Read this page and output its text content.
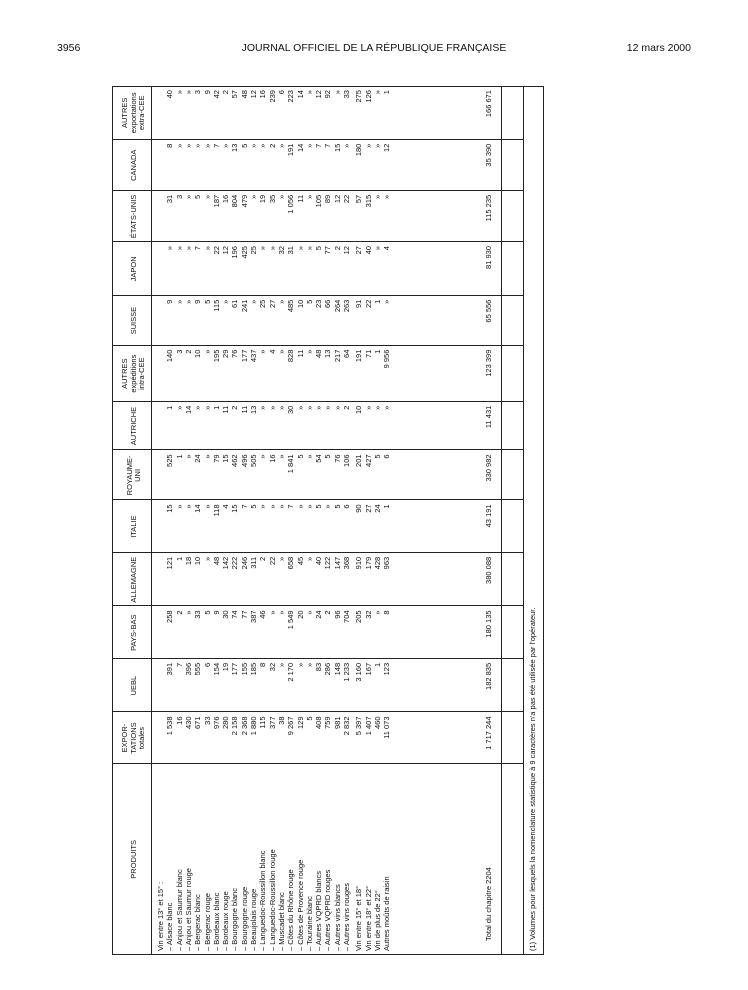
3956	JOURNAL OFFICIEL DE LA RÉPUBLIQUE FRANÇAISE	12 mars 2000
PRODUITS
EXPOR-
TATIONS
totales
UEBL
PAYS-BAS
ALLEMAGNE
ITALIE
ROYAUME-
UNI
AUTRICHE
AUTRES
expéditions
intra-CEE
SUISSE
JAPON
ÉTATS-UNIS
CANADA
AUTRES
exportations
extra-CEE
Vin entre 13° et 15° : – Alsace blanc
1 538
391
258
121
15
525
1
140
9
»
31
8
40
– Anjou et Saumur blanc
16
7
2
1
»
1
»
3
»
»
3
»
»
– Anjou et Saumur rouge
430
396
»
18
»
»
14
2
»
»
»
»
»
– Bergerac blanc
671
555
33
10
14
24
»
10
9
7
5
»
3
– Bergerac rouge
33
6
5
»
»
»
»
»
5
»
»
»
9
– Bordeaux blanc
976
154
9
48
118
79
1
195
115
22
187
7
42
– Bordeaux rouge
280
19
30
142
4
15
11
29
»
12
16
»
2
– Bourgogne blanc
2 158
177
74
222
15
462
2
76
61
196
804
13
57
– Bourgogne rouge
2 368
155
77
246
7
496
11
177
241
425
479
5
48
– Beaujolais rouge
1 880
185
387
311
5
505
13
437
»
25
»
»
12
– Languedoc-Roussillon blanc
115
8
46
2
»
»
»
»
25
»
19
»
16
– Languedoc-Roussillon rouge
377
32
»
22
»
16
»
4
27
»
35
2
239
– Muscadet blanc
38
»
»
»
»
»
»
»
»
32
»
»
6
– Côtes du Rhône rouge
9 267
2 170
1 549
658
7
1 841
30
828
485
31
1 056
191
223
– Côtes de Provence rouge
129
»
20
45
»
5
»
11
10
»
11
14
14
– Touraine blanc
5
»
»
»
»
»
»
»
5
»
»
»
»
– Autres VQPRD blancs
408
83
24
40
5
54
»
48
23
5
105
7
12
– Autres VQPRD rouges
759
286
2
122
»
5
»
13
66
77
89
7
92
– Autres vins blancs
981
148
96
147
5
76
»
217
264
2
12
15
»
– Autres vins rouges
2 832
1 233
704
368
6
106
2
64
263
12
22
»
33
Vin entre 15° et 18°
5 397
3 160
205
910
90
201
10
191
91
27
57
180
275
Vin entre 18° et 22°
1 407
167
32
179
27
427
»
71
22
40
315
»
126
Vin de plus de 22°
460
1
»
428
24
5
»
1
1
»
»
»
»
Autres moûts de raisin
11 073
123
8
963
1
6
»
9 956
»
4
»
12
1
Total du chapitre 2204
1 717 244
182 835
180 135
380 088
43 191
330 982
11 431
123 399
65 556
81 930
115 235
35 390
166 671
(1) Volumes pour lesquels la nomenclature statistique à 9 caractères n'a pas été utilisée par l'opérateur.
